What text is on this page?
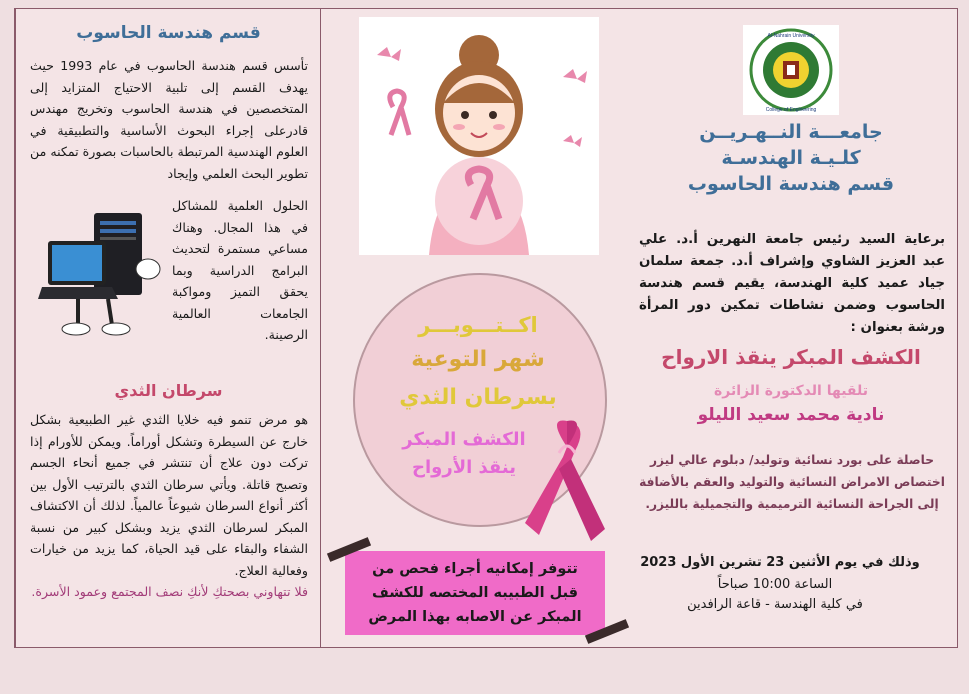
قسم هندسة الحاسوب

تأسس قسم هندسة الحاسوب في عام 1993 حيث يهدف القسم إلى تلبية الاحتياج المتزايد إلى المتخصصين في هندسة الحاسوب وتخريج مهندس قادرعلى إجراء البحوث الأساسية والتطبيقية في العلوم الهندسية المرتبطة بالحاسبات بصورة تمكنه من تطوير البحث العلمي وإيجاد

الحلول العلمية للمشاكل في هذا المجال. وهناك مساعي مستمرة لتحديث البرامج الدراسية وبما يحقق التميز ومواكبة الجامعات العالمية الرصينة.

سرطان الثدي

هو مرض تنمو فيه خلايا الثدي غير الطبيعية بشكل خارج عن السيطرة وتشكل أوراماً. ويمكن للأورام إذا تركت دون علاج أن تنتشر في جميع أنحاء الجسم وتصبح قاتلة. ويأتي سرطان الثدي بالترتيب الأول بين أكثر أنواع السرطان شيوعاً عالمياً. لذلك أن الاكتشاف المبكر لسرطان الثدي يزيد وبشكل كبير من نسبة الشفاء والبقاء على قيد الحياة، كما يزيد من خيارات وفعالية العلاج.

فلا تتهاوني بصحتكِ لأنكِ نصف المجتمع وعمود الأسرة.

اكــتـــوبـــر
شهر التوعية
بسرطان الثدي
الكشف المبكر
ينقذ الأرواح

تتوفر إمكانيه أجراء فحص من قبل الطبيبه المختصه للكشف المبكر عن الاصابه بهذا المرض

Al-Nahrain University
College of Engineering
جامعـــة النــهـريــن
كلـيـة الهندسـة
قسم هندسة الحاسوب

برعاية السيد رئيس جامعة النهرين أ.د. علي عبد العزيز الشاوي وإشراف أ.د. جمعة سلمان جياد عميد كلية الهندسة، يقيم قسم هندسة الحاسوب وضمن نشاطات تمكين دور المرأة ورشة بعنوان :

الكشف المبكر ينقذ الارواح
تلقيها الدكتورة الزائرة
نادية محمد سعيد الليلو

حاصلة على بورد نسائية وتوليد/ دبلوم عالي ليزر اختصاص الامراض النسائية والتوليد والعقم بالأضافة إلى الجراحة النسائية الترميمية والتجميلية بالليزر.

وذلك في يوم الأثنين 23 تشرين الأول 2023
الساعة 10:00 صباحاً
في كلية الهندسة - قاعة الرافدين
